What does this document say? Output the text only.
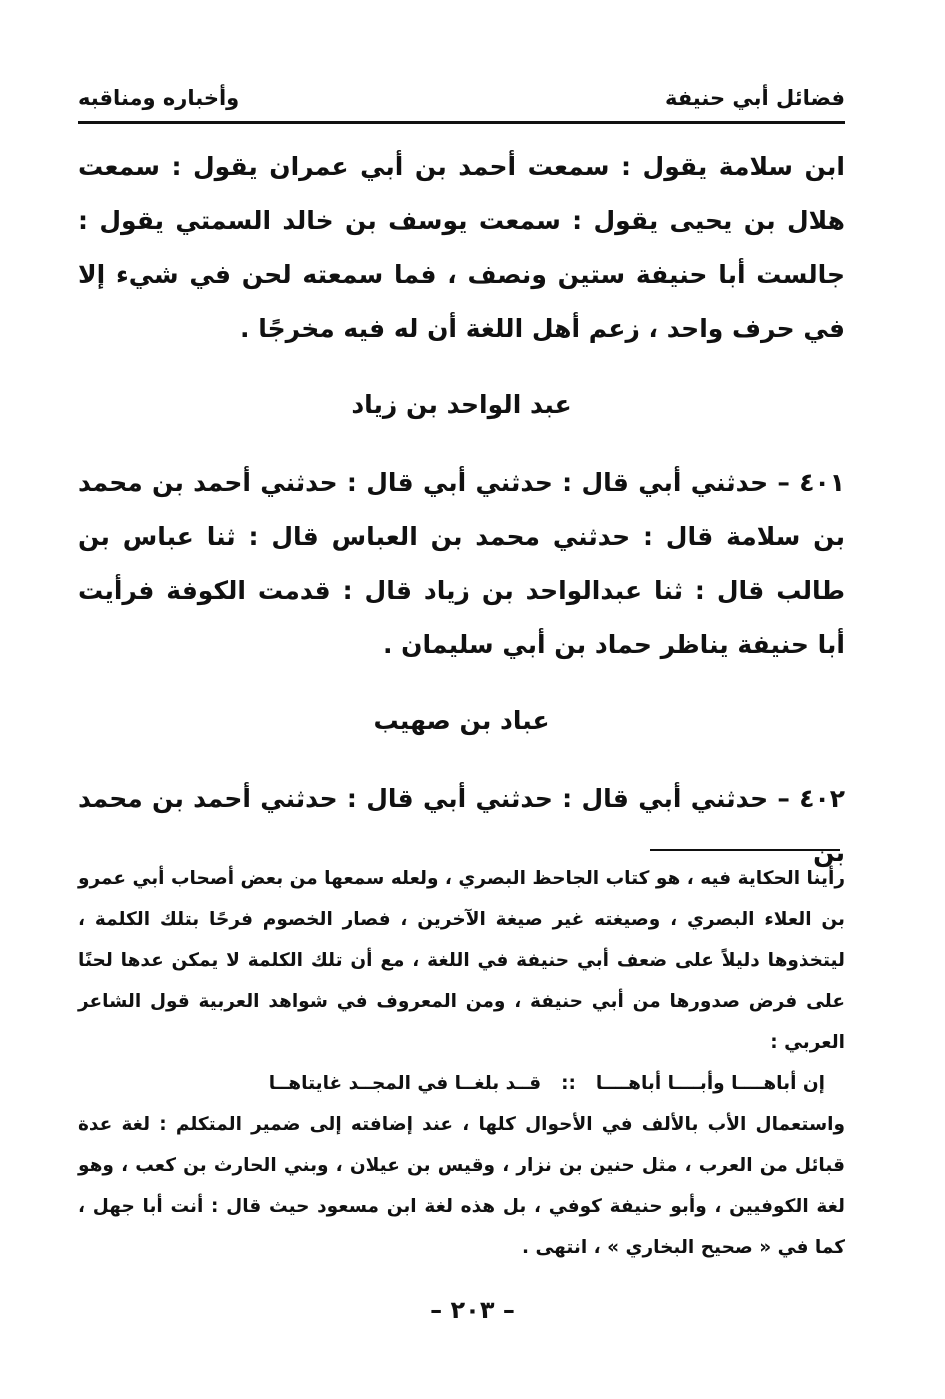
فضائل أبي حنيفة
وأخباره ومناقبه

ابن سلامة يقول : سمعت أحمد بن أبي عمران يقول : سمعت هلال بن يحيى يقول : سمعت يوسف بن خالد السمتي يقول : جالست أبا حنيفة ستين ونصف ، فما سمعته لحن في شيء إلا في حرف واحد ، زعم أهل اللغة أن له فيه مخرجًا .

عبد الواحد بن زياد

٤٠١ – حدثني أبي قال : حدثني أبي قال : حدثني أحمد بن محمد بن سلامة قال : حدثني محمد بن العباس قال : ثنا عباس بن طالب قال : ثنا عبدالواحد بن زياد قال : قدمت الكوفة فرأيت أبا حنيفة يناظر حماد بن أبي سليمان .

عباد بن صهيب

٤٠٢ – حدثني أبي قال : حدثني أبي قال : حدثني أحمد بن محمد بن

رأينا الحكاية فيه ، هو كتاب الجاحظ البصري ، ولعله سمعها من بعض أصحاب أبي عمرو بن العلاء البصري ، وصيغته غير صيغة الآخرين ، فصار الخصوم فرحًا بتلك الكلمة ، ليتخذوها دليلاً على ضعف أبي حنيفة في اللغة ، مع أن تلك الكلمة لا يمكن عدها لحنًا على فرض صدورها من أبي حنيفة ، ومن المعروف في شواهد العربية قول الشاعر العربي :

إن أباهــــا وأبــــا أباهــــا
::
قــد بلغــا في المجــد غايتاهــا

واستعمال الأب بالألف في الأحوال كلها ، عند إضافته إلى ضمير المتكلم : لغة عدة قبائل من العرب ، مثل حنين بن نزار ، وقيس بن عيلان ، وبني الحارث بن كعب ، وهو لغة الكوفيين ، وأبو حنيفة كوفي ، بل هذه لغة ابن مسعود حيث قال : أنت أبا جهل ، كما في « صحيح البخاري » ، انتهى .

– ٢٠٣ –
